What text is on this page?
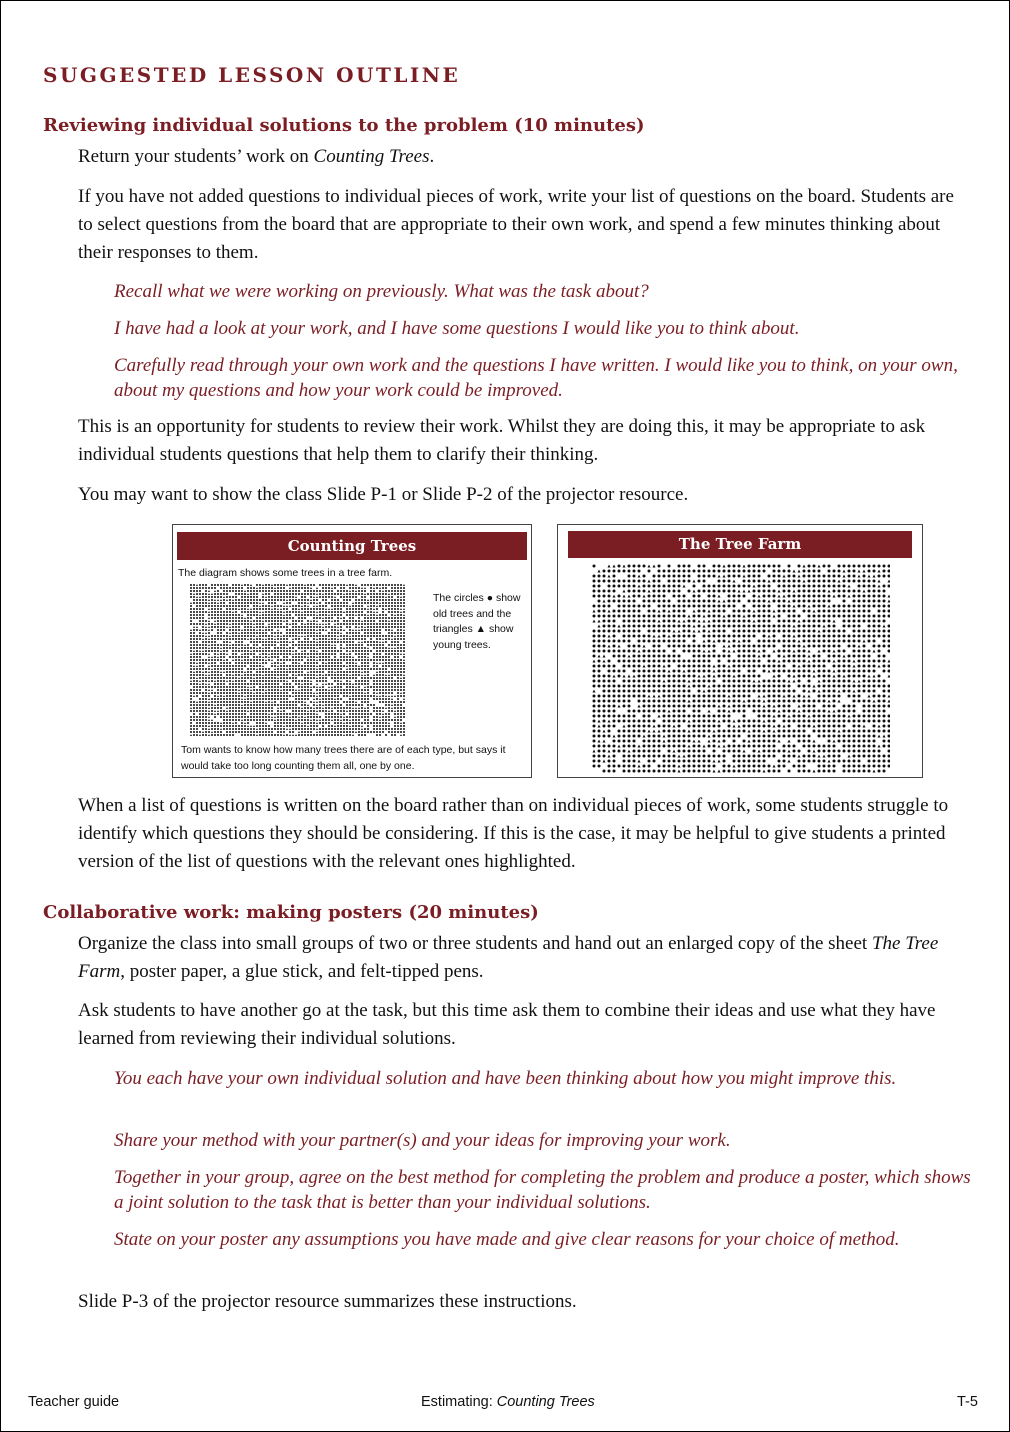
SUGGESTED LESSON OUTLINE
Reviewing individual solutions to the problem (10 minutes)

Return your students’ work on Counting Trees.

If you have not added questions to individual pieces of work, write your list of questions on the board. Students are to select questions from the board that are appropriate to their own work, and spend a few minutes thinking about their responses to them.

Recall what we were working on previously. What was the task about?

I have had a look at your work, and I have some questions I would like you to think about.

Carefully read through your own work and the questions I have written. I would like you to think, on your own, about my questions and how your work could be improved.

This is an opportunity for students to review their work. Whilst they are doing this, it may be appropriate to ask individual students questions that help them to clarify their thinking.

You may want to show the class Slide P-1 or Slide P-2 of the projector resource.

Counting Trees
The diagram shows some trees in a tree farm.
The circles ● show
old trees and the
triangles ▲ show
young trees.
Tom wants to know how many trees there are of each type, but says it
would take too long counting them all, one by one.
The Tree Farm

When a list of questions is written on the board rather than on individual pieces of work, some students struggle to identify which questions they should be considering. If this is the case, it may be helpful to give students a printed version of the list of questions with the relevant ones highlighted.

Collaborative work: making posters (20 minutes)

Organize the class into small groups of two or three students and hand out an enlarged copy of the sheet The Tree Farm, poster paper, a glue stick, and felt-tipped pens.

Ask students to have another go at the task, but this time ask them to combine their ideas and use what they have learned from reviewing their individual solutions.

You each have your own individual solution and have been thinking about how you might improve this.

Share your method with your partner(s) and your ideas for improving your work.

Together in your group, agree on the best method for completing the problem and produce a poster, which shows a joint solution to the task that is better than your individual solutions.

State on your poster any assumptions you have made and give clear reasons for your choice of method.

Slide P-3 of the projector resource summarizes these instructions.

Teacher guide	Estimating: Counting Trees	T-5
